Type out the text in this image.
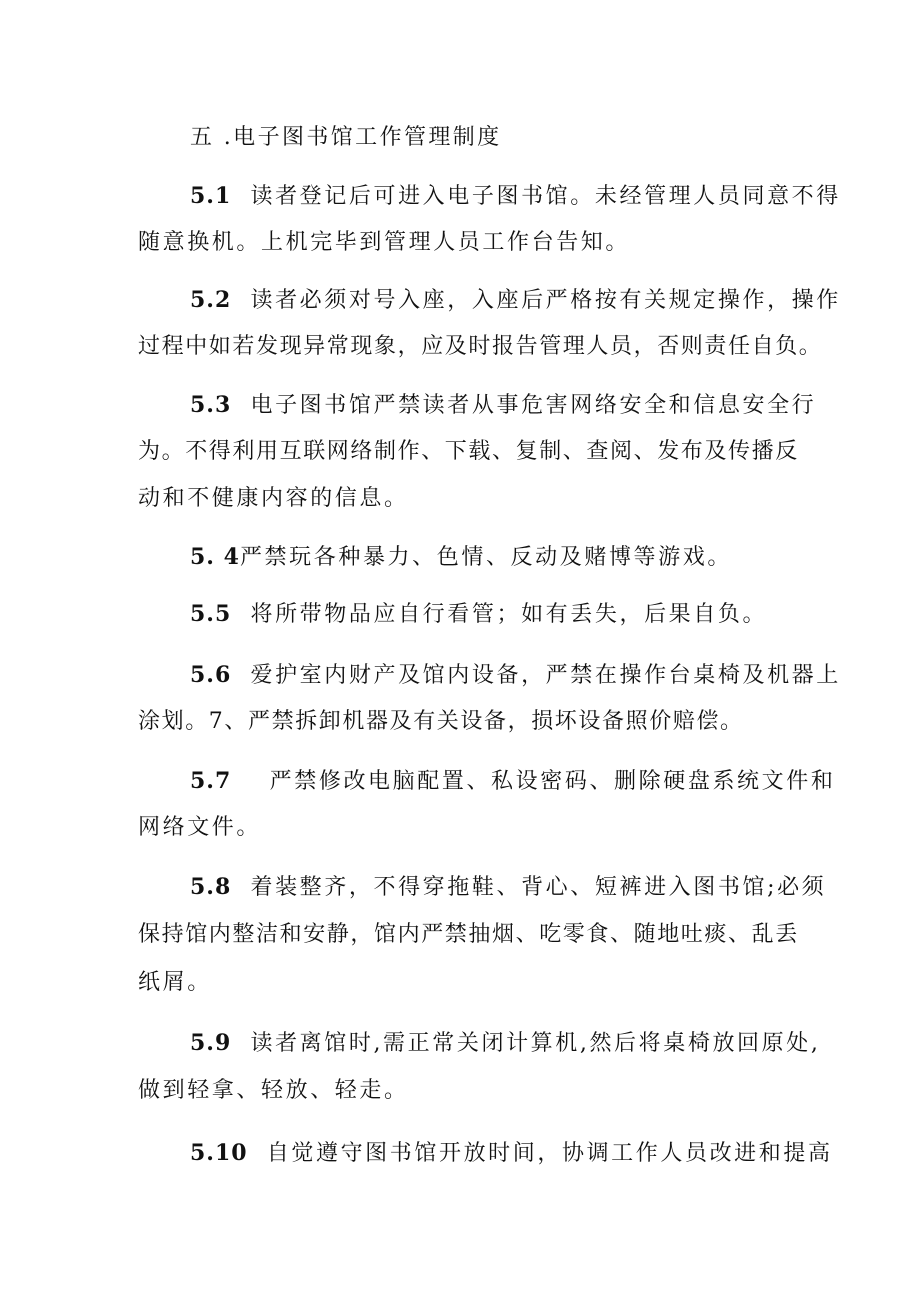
五 .电子图书馆工作管理制度
5.1 读者登记后可进入电子图书馆。未经管理人员同意不得
随意换机。上机完毕到管理人员工作台告知。
5.2 读者必须对号入座，入座后严格按有关规定操作，操作
过程中如若发现异常现象，应及时报告管理人员，否则责任自负。
5.3 电子图书馆严禁读者从事危害网络安全和信息安全行
为。不得利用互联网络制作、下载、复制、查阅、发布及传播反
动和不健康内容的信息。
5. 4严禁玩各种暴力、色情、反动及赌博等游戏。
5.5 将所带物品应自行看管；如有丢失，后果自负。
5.6 爱护室内财产及馆内设备，严禁在操作台桌椅及机器上
涂划。7、严禁拆卸机器及有关设备，损坏设备照价赔偿。
5.7 严禁修改电脑配置、私设密码、删除硬盘系统文件和
网络文件。
5.8 着装整齐，不得穿拖鞋、背心、短裤进入图书馆;必须
保持馆内整洁和安静，馆内严禁抽烟、吃零食、随地吐痰、乱丢
纸屑。
5.9 读者离馆时,需正常关闭计算机,然后将桌椅放回原处,
做到轻拿、轻放、轻走。
5.10 自觉遵守图书馆开放时间，协调工作人员改进和提高
